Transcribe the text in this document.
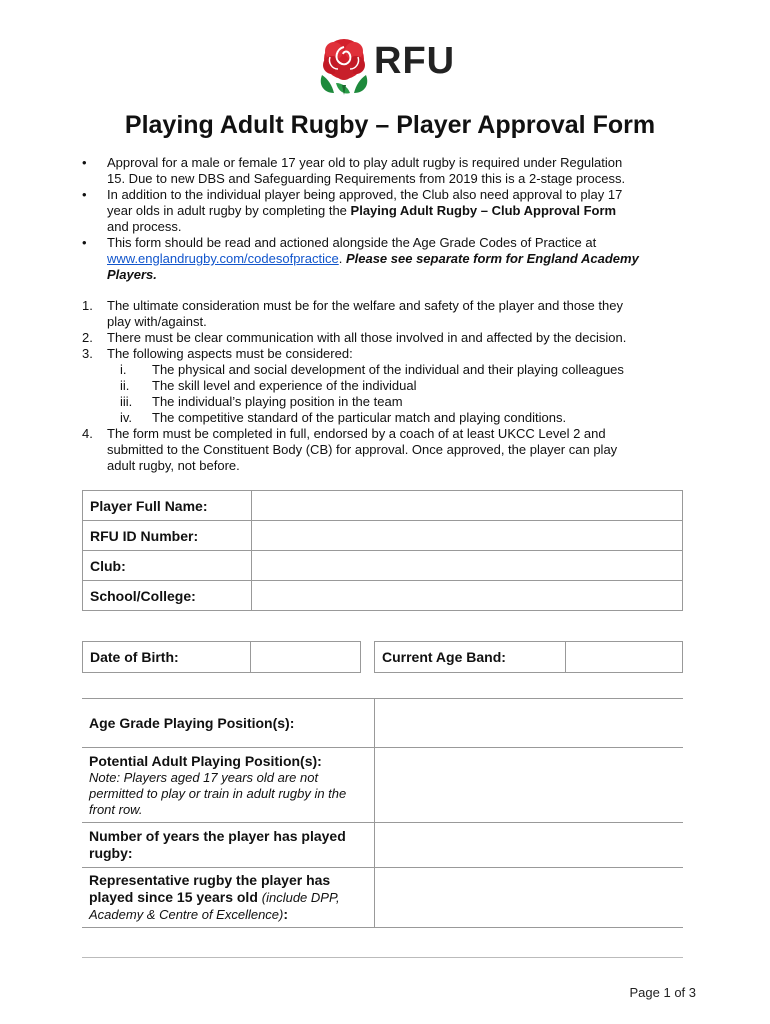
RFU
Playing Adult Rugby – Player Approval Form
• Approval for a male or female 17 year old to play adult rugby is required under Regulation
15. Due to new DBS and Safeguarding Requirements from 2019 this is a 2-stage process.
• In addition to the individual player being approved, the Club also need approval to play 17
year olds in adult rugby by completing the Playing Adult Rugby – Club Approval Form
and process.
• This form should be read and actioned alongside the Age Grade Codes of Practice at
www.englandrugby.com/codesofpractice. Please see separate form for England Academy
Players.
1. The ultimate consideration must be for the welfare and safety of the player and those they
play with/against.
2. There must be clear communication with all those involved in and affected by the decision.
3. The following aspects must be considered:
i. The physical and social development of the individual and their playing colleagues
ii. The skill level and experience of the individual
iii. The individual’s playing position in the team
iv. The competitive standard of the particular match and playing conditions.
4. The form must be completed in full, endorsed by a coach of at least UKCC Level 2 and
submitted to the Constituent Body (CB) for approval. Once approved, the player can play
adult rugby, not before.
Player Full Name:	
RFU ID Number:	
Club:	
School/College:	
Date of Birth:		Current Age Band:	
Age Grade Playing Position(s):	

Potential Adult Playing Position(s):
Note: Players aged 17 years old are not permitted to play or train in adult rugby in the front row.	

Number of years the player has played rugby:	
Representative rugby the player has played since 15 years old (include DPP, Academy & Centre of Excellence):	
Page 1 of 3
